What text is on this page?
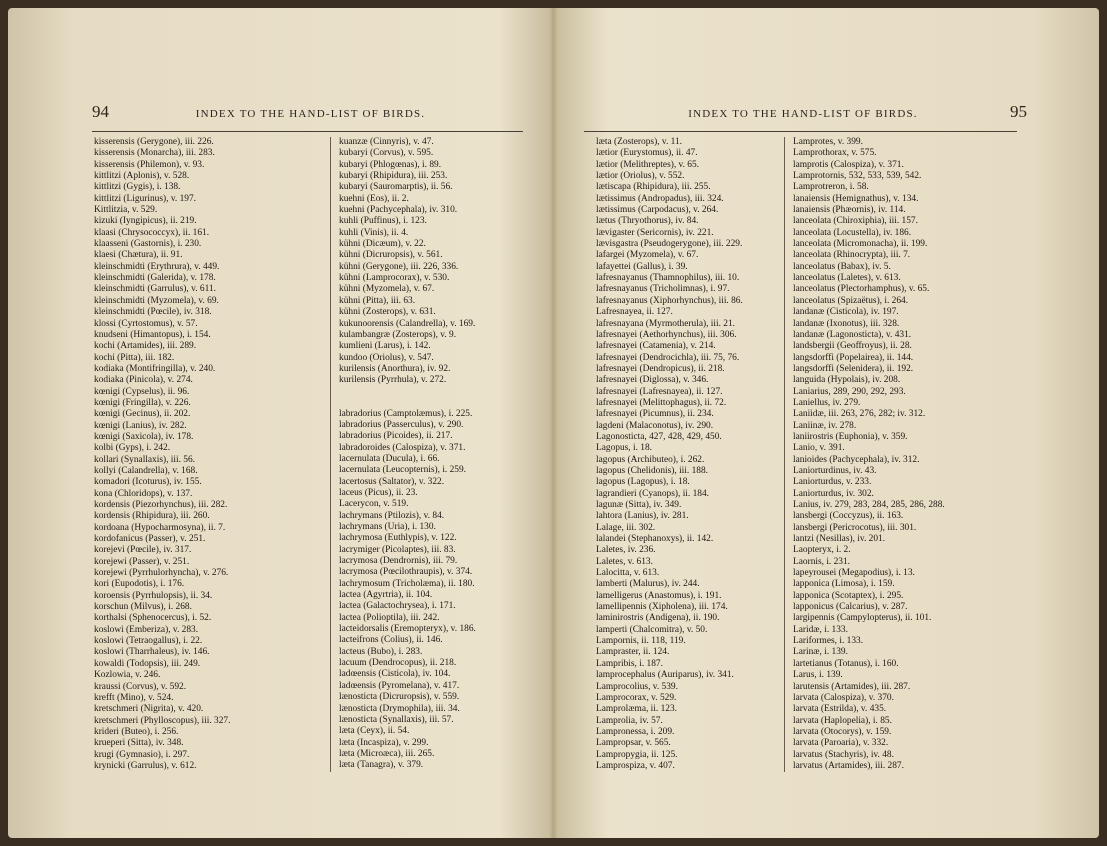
94	INDEX TO THE HAND-LIST OF BIRDS.
kisserensis (Gerygone), iii. 226.
kisserensis (Monarcha), iii. 283.
kisserensis (Philemon), v. 93.
kittlitzi (Aplonis), v. 528.
kittlitzi (Gygis), i. 138.
kittlitzi (Ligurinus), v. 197.
Kittlitzia, v. 529.
kizuki (Iyngipicus), ii. 219.
klaasi (Chrysococcyx), ii. 161.
klaasseni (Gastornis), i. 230.
klaesi (Chætura), ii. 91.
kleinschmidti (Erythrura), v. 449.
kleinschmidti (Galerida), v. 178.
kleinschmidti (Garrulus), v. 611.
kleinschmidti (Myzomela), v. 69.
kleinschmidti (Pœcile), iv. 318.
klossi (Cyrtostomus), v. 57.
knudseni (Himantopus), i. 154.
kochi (Artamides), iii. 289.
kochi (Pitta), iii. 182.
kodiaka (Montifringilla), v. 240.
kodiaka (Pinicola), v. 274.
kœnigi (Cypselus), ii. 96.
kœnigi (Fringilla), v. 226.
kœnigi (Gecinus), ii. 202.
kœnigi (Lanius), iv. 282.
kœnigi (Saxicola), iv. 178.
kolbi (Gyps), i. 242.
kollari (Synallaxis), iii. 56.
kollyi (Calandrella), v. 168.
komadori (Icoturus), iv. 155.
kona (Chloridops), v. 137.
kordensis (Piezorhynchus), iii. 282.
kordensis (Rhipidura), iii. 260.
kordoana (Hypocharmosyna), ii. 7.
kordofanicus (Passer), v. 251.
korejevi (Pœcile), iv. 317.
korejewi (Passer), v. 251.
korejewi (Pyrrhulorhyncha), v. 276.
kori (Eupodotis), i. 176.
koroensis (Pyrrhulopsis), ii. 34.
korschun (Milvus), i. 268.
korthalsi (Sphenocercus), i. 52.
koslowi (Emberiza), v. 283.
koslowi (Tetraogallus), i. 22.
koslowi (Tharrhaleus), iv. 146.
kowaldi (Todopsis), iii. 249.
Kozlowia, v. 246.
kraussi (Corvus), v. 592.
krefft (Mino), v. 524.
kretschmeri (Nigrita), v. 420.
kretschmeri (Phylloscopus), iii. 327.
krideri (Buteo), i. 256.
krueperi (Sitta), iv. 348.
krugi (Gymnasio), i. 297.
krynicki (Garrulus), v. 612.
kuanzæ (Cinnyris), v. 47.
kubaryi (Corvus), v. 595.
kubaryi (Phlogœnas), i. 89.
kubaryi (Rhipidura), iii. 253.
kubaryi (Sauromarptis), ii. 56.
kuehni (Eos), ii. 2.
kuehni (Pachycephala), iv. 310.
kuhli (Puffinus), i. 123.
kuhli (Vinis), ii. 4.
kühni (Dicæum), v. 22.
kühni (Dicruropsis), v. 561.
kühni (Gerygone), iii. 226, 336.
kühni (Lamprocorax), v. 530.
kühni (Myzomela), v. 67.
kühni (Pitta), iii. 63.
kühni (Zosterops), v. 631.
kukunoorensis (Calandrella), v. 169.
kulambangræ (Zosterops), v. 9.
kumlieni (Larus), i. 142.
kundoo (Oriolus), v. 547.
kurilensis (Anorthura), iv. 92.
kurilensis (Pyrrhula), v. 272.
labradorius (Camptolæmus), i. 225.
labradorius (Passerculus), v. 290.
labradorius (Picoides), ii. 217.
labradoroides (Calospiza), v. 371.
lacernulata (Ducula), i. 66.
lacernulata (Leucopternis), i. 259.
lacertosus (Saltator), v. 322.
laceus (Picus), ii. 23.
Lacerycon, v. 519.
lachrymans (Ptilozis), v. 84.
lachrymans (Uria), i. 130.
lachrymosa (Euthlypis), v. 122.
lacrymiger (Picolaptes), iii. 83.
lacrymosa (Dendrornis), iii. 79.
lacrymosa (Pœcilothraupis), v. 374.
lachrymosum (Tricholæma), ii. 180.
lactea (Agyrtria), ii. 104.
lactea (Galactochrysea), i. 171.
lactea (Polioptila), iii. 242.
lacteidorsalis (Eremopteryx), v. 186.
lacteifrons (Colius), ii. 146.
lacteus (Bubo), i. 283.
lacuum (Dendrocopus), ii. 218.
ladœensis (Cisticola), iv. 104.
ladœensis (Pyromelana), v. 417.
lænosticta (Dicruropsis), v. 559.
lænosticta (Drymophila), iii. 34.
lænosticta (Synallaxis), iii. 57.
læta (Ceyx), ii. 54.
læta (Incaspiza), v. 299.
læta (Microæca), iii. 265.
læta (Tanagra), v. 379.
INDEX TO THE HAND-LIST OF BIRDS.	95
læta (Zosterops), v. 11.
lætior (Eurystomus), ii. 47.
lætior (Melithreptes), v. 65.
lætior (Oriolus), v. 552.
lætiscapa (Rhipidura), iii. 255.
lætissimus (Andropadus), iii. 324.
lætissimus (Carpodacus), v. 264.
lætus (Thryothorus), iv. 84.
lævigaster (Sericornis), iv. 221.
lævisgastra (Pseudogerygone), iii. 229.
lafargei (Myzomela), v. 67.
lafayettei (Gallus), i. 39.
lafresnayanus (Thamnophilus), iii. 10.
lafresnayanus (Tricholimnas), i. 97.
lafresnayanus (Xiphorhynchus), iii. 86.
Lafresnayea, ii. 127.
lafresnayana (Myrmotherula), iii. 21.
lafresnayei (Aethorhynchus), iii. 306.
lafresnayei (Catamenia), v. 214.
lafresnayei (Dendrocichla), iii. 75, 76.
lafresnayei (Dendropicus), ii. 218.
lafresnayei (Diglossa), v. 346.
lafresnayei (Lafresnayea), ii. 127.
lafresnayei (Melittophagus), ii. 72.
lafresnayei (Picumnus), ii. 234.
lagdeni (Malaconotus), iv. 290.
Lagonosticta, 427, 428, 429, 450.
Lagopus, i. 18.
lagopus (Archibuteo), i. 262.
lagopus (Chelidonis), iii. 188.
lagopus (Lagopus), i. 18.
lagrandieri (Cyanops), ii. 184.
lagunæ (Sitta), iv. 349.
lahtora (Lanius), iv. 281.
Lalage, iii. 302.
lalandei (Stephanoxys), ii. 142.
Laletes, iv. 236.
Laletes, v. 613.
Lalocitta, v. 613.
lamberti (Malurus), iv. 244.
lamelligerus (Anastomus), i. 191.
lamellipennis (Xipholena), iii. 174.
laminirostris (Andigena), ii. 190.
lamperti (Chalcomitra), v. 50.
Lampornis, ii. 118, 119.
Lampraster, ii. 124.
Lampribis, i. 187.
lamprocephalus (Auriparus), iv. 341.
Lamprocolius, v. 539.
Lamprocorax, v. 529.
Lamprolæma, ii. 123.
Lamprolia, iv. 57.
Lampronessa, i. 209.
Lampropsar, v. 565.
Lampropygia, ii. 125.
Lamprospiza, v. 407.
Lamprotes, v. 399.
Lamprothorax, v. 575.
lamprotis (Calospiza), v. 371.
Lamprotornis, 532, 533, 539, 542.
Lamprotreron, i. 58.
lanaiensis (Hemignathus), v. 134.
lanaiensis (Phæornis), iv. 114.
lanceolata (Chiroxiphia), iii. 157.
lanceolata (Locustella), iv. 186.
lanceolata (Micromonacha), ii. 199.
lanceolata (Rhinocrypta), iii. 7.
lanceolatus (Babax), iv. 5.
lanceolatus (Laletes), v. 613.
lanceolatus (Plectorhamphus), v. 65.
lanceolatus (Spizaëtus), i. 264.
landanæ (Cisticola), iv. 197.
landanæ (Ixonotus), iii. 328.
landanæ (Lagonosticta), v. 431.
landsbergii (Geoffroyus), ii. 28.
langsdorffi (Popelairea), ii. 144.
langsdorffi (Selenidera), ii. 192.
languida (Hypolais), iv. 208.
Laniarius, 289, 290, 292, 293.
Laniellus, iv. 279.
Laniidæ, iii. 263, 276, 282; iv. 312.
Laniinæ, iv. 278.
laniirostris (Euphonia), v. 359.
Lanio, v. 391.
lanioides (Pachycephala), iv. 312.
Laniorturdinus, iv. 43.
Laniorturdus, v. 233.
Laniorturdus, iv. 302.
Lanius, iv. 279, 283, 284, 285, 286, 288.
lansbergi (Coccyzus), ii. 163.
lansbergi (Pericrocotus), iii. 301.
lantzi (Nesillas), iv. 201.
Laopteryx, i. 2.
Laornis, i. 231.
lapeyrousei (Megapodius), i. 13.
lapponica (Limosa), i. 159.
lapponica (Scotaptex), i. 295.
lapponicus (Calcarius), v. 287.
largipennis (Campylopterus), ii. 101.
Laridæ, i. 133.
Lariformes, i. 133.
Larinæ, i. 139.
lartetianus (Totanus), i. 160.
Larus, i. 139.
larutensis (Artamides), iii. 287.
larvata (Calospiza), v. 370.
larvata (Estrilda), v. 435.
larvata (Haplopelia), i. 85.
larvata (Otocorys), v. 159.
larvata (Paroaria), v. 332.
larvatus (Stachyris), iv. 48.
larvatus (Artamides), iii. 287.
